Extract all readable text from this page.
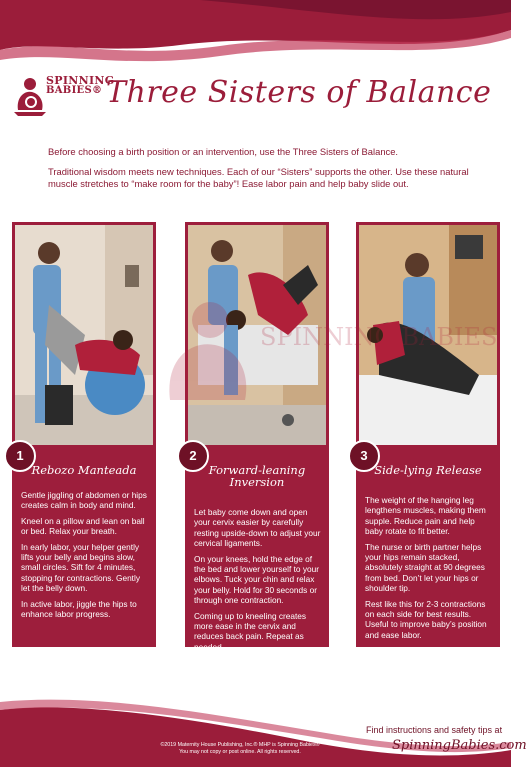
SPINNING
BABIES® Three Sisters of Balance
Before choosing a birth position or an intervention, use the Three Sisters of Balance.
Traditional wisdom meets new techniques. Each of our “Sisters” supports the other. Use these natural muscle stretches to “make room for the baby”! Ease labor pain and help baby slide out.
1
Rebozo Manteada

Gentle jiggling of abdomen or hips creates calm in body and mind.

Kneel on a pillow and lean on ball or bed. Relax your breath.

In early labor, your helper gently lifts your belly and begins slow, small circles. Sift for 4 minutes, stopping for contractions. Gently let the belly down.

In active labor, jiggle the hips to enhance labor progress.

2
Forward-leaning
Inversion

Let baby come down and open your cervix easier by carefully resting upside-down to adjust your cervical ligaments.

On your knees, hold the edge of the bed and lower yourself to your elbows. Tuck your chin and relax your belly. Hold for 30 seconds or through one contraction.

Coming up to kneeling creates more ease in the cervix and reduces back pain. Repeat as needed.

3
Side-lying Release

The weight of the hanging leg lengthens muscles, making them supple. Reduce pain and help baby rotate to fit better.

The nurse or birth partner helps your hips remain stacked, absolutely straight at 90 degrees from bed. Don’t let your hips or shoulder tip.

Rest like this for 2-3 contractions on each side for best results. Useful to improve baby’s position and ease labor.

SPINNING BABIES
©2019 Maternity House Publishing, Inc.® MHP is Spinning Babies®
You may not copy or post online. All rights reserved.
Find instructions and safety tips at
SpinningBabies.com
